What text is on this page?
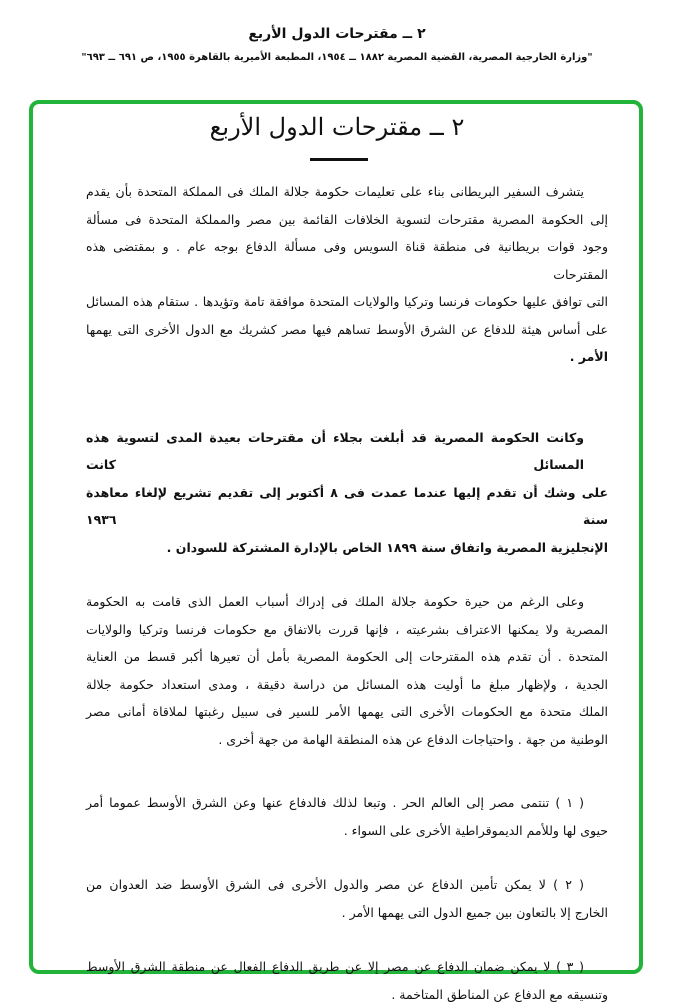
٢ ــ مقترحات الدول الأربع
"وزارة الخارجية المصرية، القضية المصرية ١٨٨٢ ــ ١٩٥٤، المطبعة الأميرية بالقاهرة ١٩٥٥، ص ٦٩١ ــ ٦٩٣"
٢ ــ مقترحات الدول الأربع
يتشرف السفير البريطانى بناء على تعليمات حكومة جلالة الملك فى المملكة المتحدة بأن يقدم
إلى الحكومة المصرية مقترحات لتسوية الخلافات القائمة بين مصر والمملكة المتحدة فى مسألة
وجود قوات بريطانية فى منطقة قناة السويس وفى مسألة الدفاع بوجه عام . و بمقتضى هذه المقترحات
التى توافق عليها حكومات فرنسا وتركيا والولايات المتحدة موافقة تامة وتؤيدها . ستقام هذه المسائل
على أساس هيئة للدفاع عن الشرق الأوسط تساهم فيها مصر كشريك مع الدول الأخرى التى يهمها
الأمر .
وكانت الحكومة المصرية قد أبلغت بجلاء أن مقترحات بعيدة المدى لتسوية هذه المسائل كانت
على وشك أن تقدم إليها عندما عمدت فى ٨ أكتوبر إلى تقديم تشريع لإلغاء معاهدة سنة ١٩٣٦
الإنجليزية المصرية واتفاق سنة ١٨٩٩ الخاص بالإدارة المشتركة للسودان .
وعلى الرغم من حيرة حكومة جلالة الملك فى إدراك أسباب العمل الذى قامت به الحكومة
المصرية ولا يمكنها الاعتراف بشرعيته ، فإنها قررت بالاتفاق مع حكومات فرنسا وتركيا والولايات
المتحدة . أن تقدم هذه المقترحات إلى الحكومة المصرية بأمل أن تعيرها أكبر قسط من العناية
الجدية ، ولإظهار مبلغ ما أوليت هذه المسائل من دراسة دقيقة ، ومدى استعداد حكومة جلالة
الملك متحدة مع الحكومات الأخرى التى يهمها الأمر للسير فى سبيل رغبتها لملاقاة أمانى مصر
الوطنية من جهة . واحتياجات الدفاع عن هذه المنطقة الهامة من جهة أخرى .
( ١ ) تنتمى مصر إلى العالم الحر . وتبعا لذلك فالدفاع عنها وعن الشرق الأوسط عموما أمر
حيوى لها وللأمم الديموقراطية الأخرى على السواء .
( ٢ ) لا يمكن تأمين الدفاع عن مصر والدول الأخرى فى الشرق الأوسط ضد العدوان من
الخارج إلا بالتعاون بين جميع الدول التى يهمها الأمر .
( ٣ ) لا يمكن ضمان الدفاع عن مصر إلا عن طريق الدفاع الفعال عن منطقة الشرق الأوسط
وتنسيقه مع الدفاع عن المناطق المتاخمة .
